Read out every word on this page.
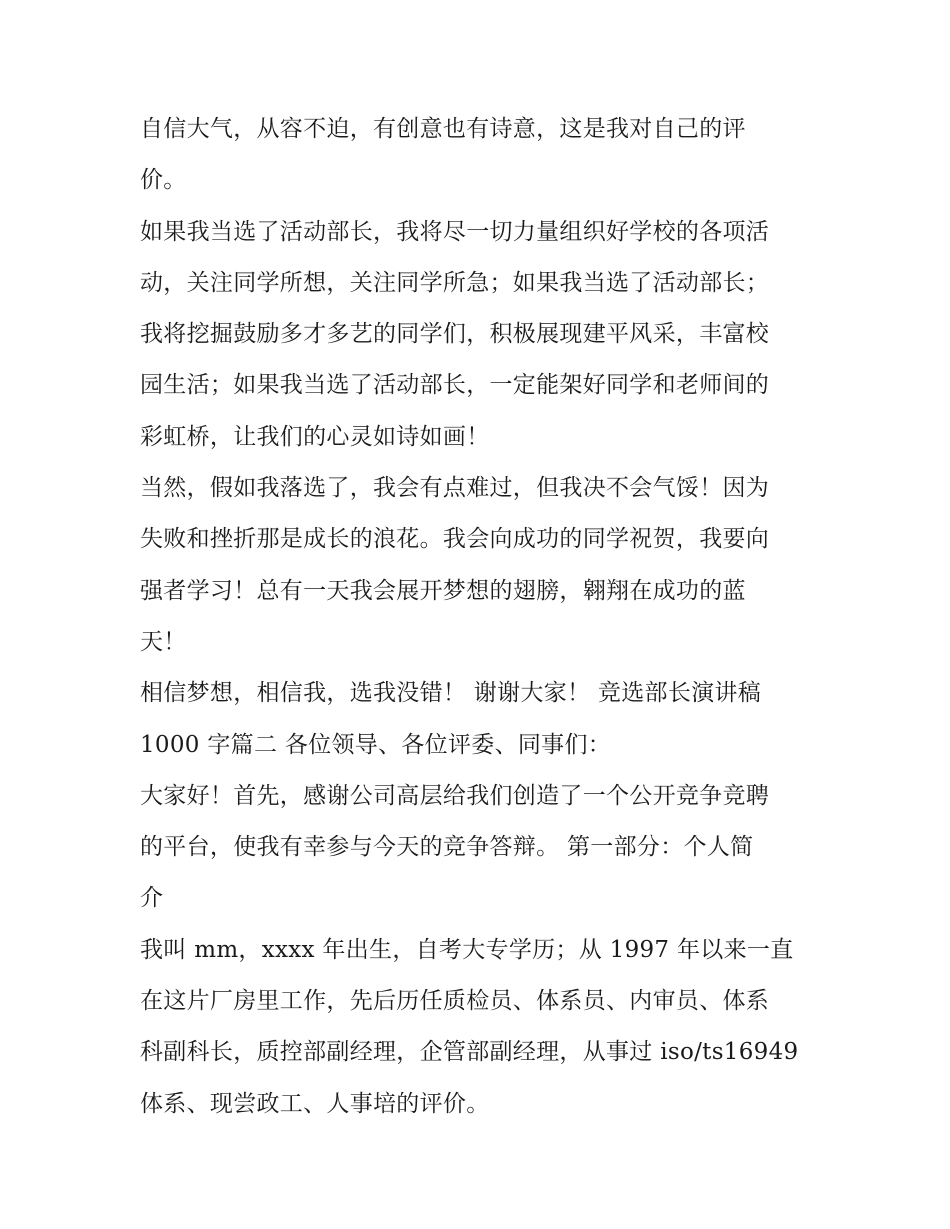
自信大气，从容不迫，有创意也有诗意，这是我对自己的评
价。
如果我当选了活动部长，我将尽一切力量组织好学校的各项活
动，关注同学所想，关注同学所急；如果我当选了活动部长；
我将挖掘鼓励多才多艺的同学们，积极展现建平风采，丰富校
园生活；如果我当选了活动部长，一定能架好同学和老师间的
彩虹桥，让我们的心灵如诗如画！
当然，假如我落选了，我会有点难过，但我决不会气馁！因为
失败和挫折那是成长的浪花。我会向成功的同学祝贺，我要向
强者学习！总有一天我会展开梦想的翅膀，翱翔在成功的蓝
天！
相信梦想，相信我，选我没错！ 谢谢大家！ 竞选部长演讲稿
1000 字篇二 各位领导、各位评委、同事们：
大家好！首先，感谢公司高层给我们创造了一个公开竞争竞聘
的平台，使我有幸参与今天的竞争答辩。 第一部分：个人简
介
我叫 mm，xxxx 年出生，自考大专学历；从 1997 年以来一直
在这片厂房里工作，先后历任质检员、体系员、内审员、体系
科副科长，质控部副经理，企管部副经理，从事过 iso/ts16949
体系、现尝政工、人事培的评价。
